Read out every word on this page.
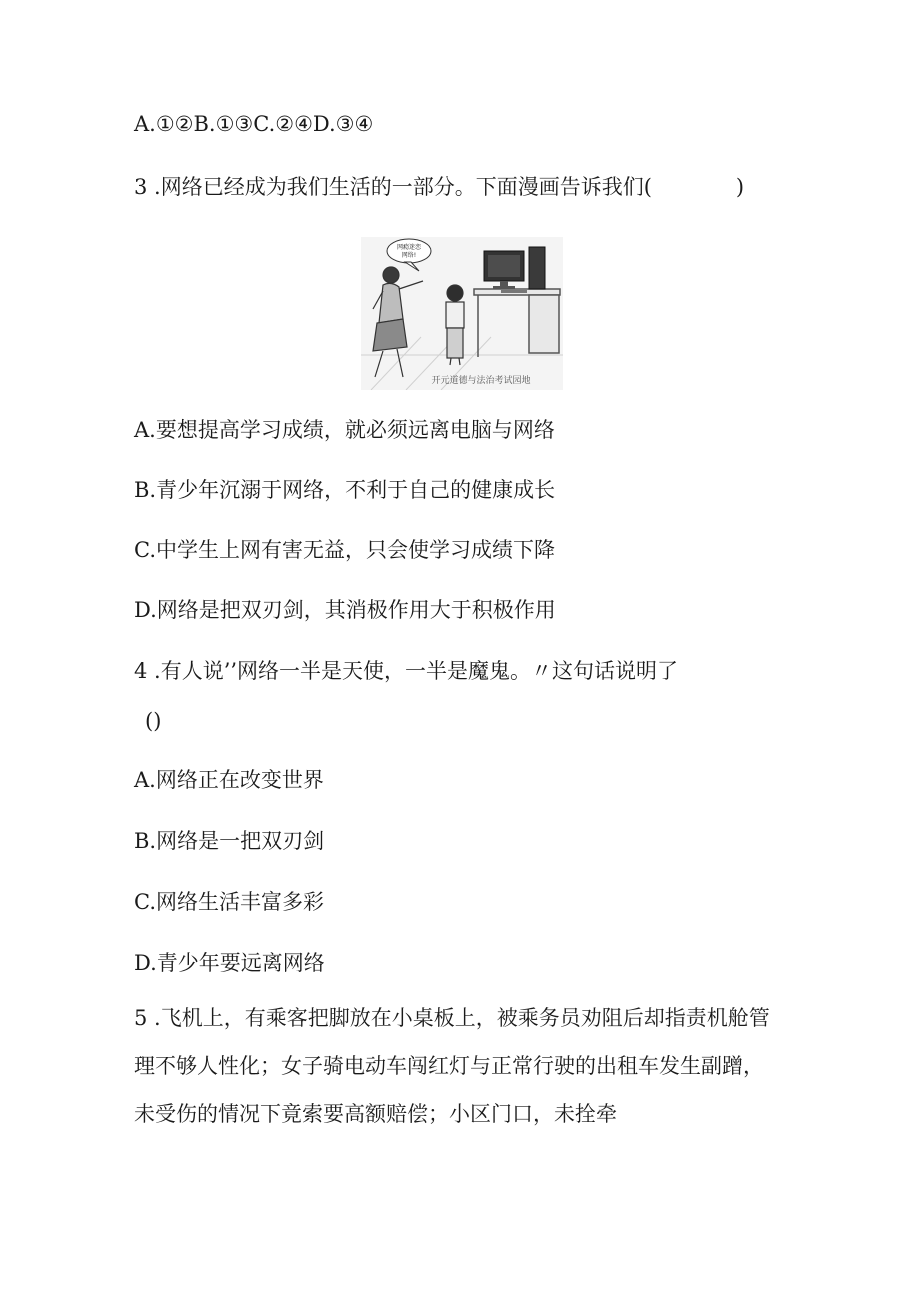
A.①②B.①③C.②④D.③④
3 .网络已经成为我们生活的一部分。下面漫画告诉我们(　　　　)
网瘾迷恋
网络!
开元道德与法治考试园地
A.要想提高学习成绩，就必须远离电脑与网络
B.青少年沉溺于网络，不利于自己的健康成长
C.中学生上网有害无益，只会使学习成绩下降
D.网络是把双刃剑，其消极作用大于积极作用
4 .有人说’’网络一半是天使，一半是魔鬼。〃这句话说明了
()
A.网络正在改变世界
B.网络是一把双刃剑
C.网络生活丰富多彩
D.青少年要远离网络
5 .飞机上，有乘客把脚放在小桌板上，被乘务员劝阻后却指责机舱管
理不够人性化；女子骑电动车闯红灯与正常行驶的出租车发生副蹭，
未受伤的情况下竟索要高额赔偿；小区门口，未拴牵
